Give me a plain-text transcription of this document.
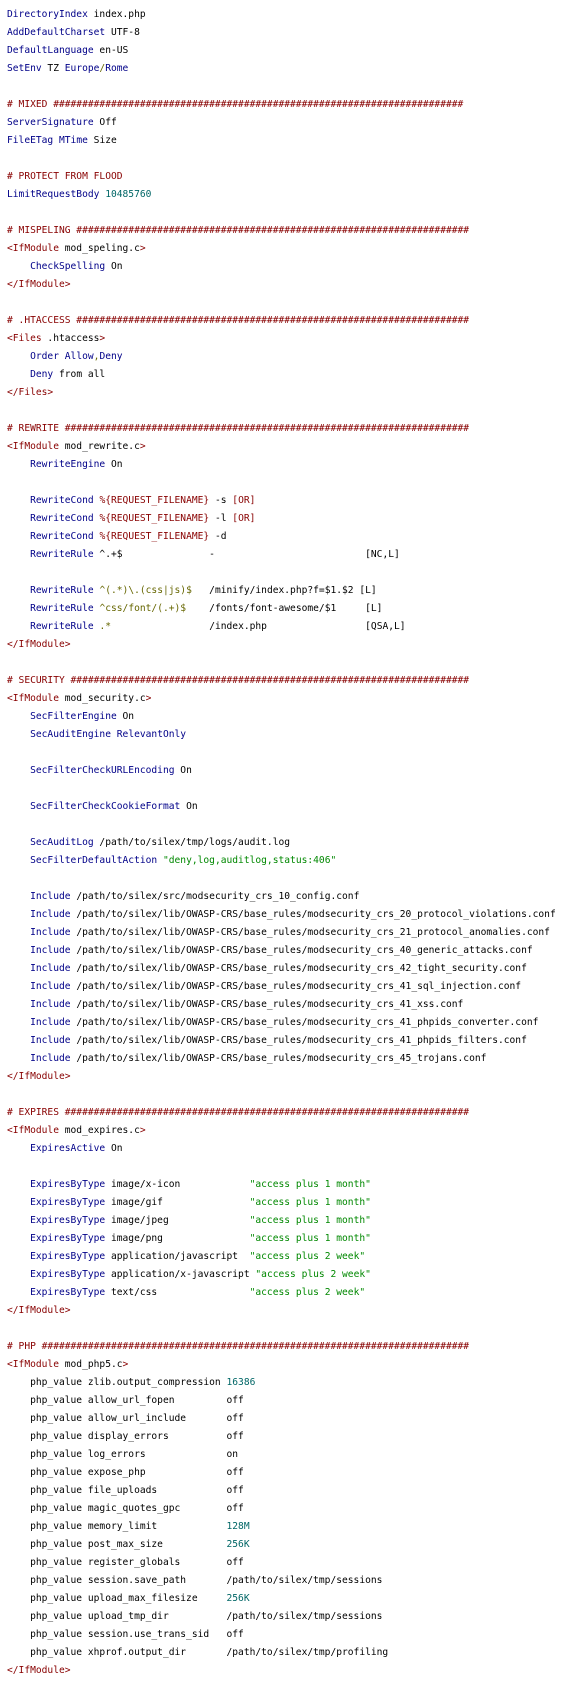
DirectoryIndex index.php
AddDefaultCharset UTF-8
DefaultLanguage en-US
SetEnv TZ Europe/Rome
# MIXED #######################################################################
ServerSignature Off
FileETag MTime Size
# PROTECT FROM FLOOD
LimitRequestBody 10485760
# MISPELING ####################################################################
<IfModule mod_speling.c>
CheckSpelling On
</IfModule>
# .HTACCESS ####################################################################
<Files .htaccess>
Order Allow,Deny
Deny from all
</Files>
# REWRITE ######################################################################
<IfModule mod_rewrite.c>
RewriteEngine On
RewriteCond %{REQUEST_FILENAME} -s [OR]
RewriteCond %{REQUEST_FILENAME} -l [OR]
RewriteCond %{REQUEST_FILENAME} -d
RewriteRule ^.+$               -                          [NC,L]
RewriteRule ^(.*)\.(css|js)$   /minify/index.php?f=$1.$2 [L]
RewriteRule ^css/font/(.+)$    /fonts/font-awesome/$1     [L]
RewriteRule .*                 /index.php                 [QSA,L]
</IfModule>
# SECURITY #####################################################################
<IfModule mod_security.c>
SecFilterEngine On
SecAuditEngine RelevantOnly
SecFilterCheckURLEncoding On
SecFilterCheckCookieFormat On
SecAuditLog /path/to/silex/tmp/logs/audit.log
SecFilterDefaultAction "deny,log,auditlog,status:406"
Include /path/to/silex/src/modsecurity_crs_10_config.conf
Include /path/to/silex/lib/OWASP-CRS/base_rules/modsecurity_crs_20_protocol_violations.conf
Include /path/to/silex/lib/OWASP-CRS/base_rules/modsecurity_crs_21_protocol_anomalies.conf
Include /path/to/silex/lib/OWASP-CRS/base_rules/modsecurity_crs_40_generic_attacks.conf
Include /path/to/silex/lib/OWASP-CRS/base_rules/modsecurity_crs_42_tight_security.conf
Include /path/to/silex/lib/OWASP-CRS/base_rules/modsecurity_crs_41_sql_injection.conf
Include /path/to/silex/lib/OWASP-CRS/base_rules/modsecurity_crs_41_xss.conf
Include /path/to/silex/lib/OWASP-CRS/base_rules/modsecurity_crs_41_phpids_converter.conf
Include /path/to/silex/lib/OWASP-CRS/base_rules/modsecurity_crs_41_phpids_filters.conf
Include /path/to/silex/lib/OWASP-CRS/base_rules/modsecurity_crs_45_trojans.conf
</IfModule>
# EXPIRES ######################################################################
<IfModule mod_expires.c>
ExpiresActive On
ExpiresByType image/x-icon            "access plus 1 month"
ExpiresByType image/gif               "access plus 1 month"
ExpiresByType image/jpeg              "access plus 1 month"
ExpiresByType image/png               "access plus 1 month"
ExpiresByType application/javascript  "access plus 2 week"
ExpiresByType application/x-javascript "access plus 2 week"
ExpiresByType text/css                "access plus 2 week"
</IfModule>
# PHP ##########################################################################
<IfModule mod_php5.c>
php_value zlib.output_compression 16386
php_value allow_url_fopen         off
php_value allow_url_include       off
php_value display_errors          off
php_value log_errors              on
php_value expose_php              off
php_value file_uploads            off
php_value magic_quotes_gpc        off
php_value memory_limit            128M
php_value post_max_size           256K
php_value register_globals        off
php_value session.save_path       /path/to/silex/tmp/sessions
php_value upload_max_filesize     256K
php_value upload_tmp_dir          /path/to/silex/tmp/sessions
php_value session.use_trans_sid   off
php_value xhprof.output_dir       /path/to/silex/tmp/profiling
</IfModule>
